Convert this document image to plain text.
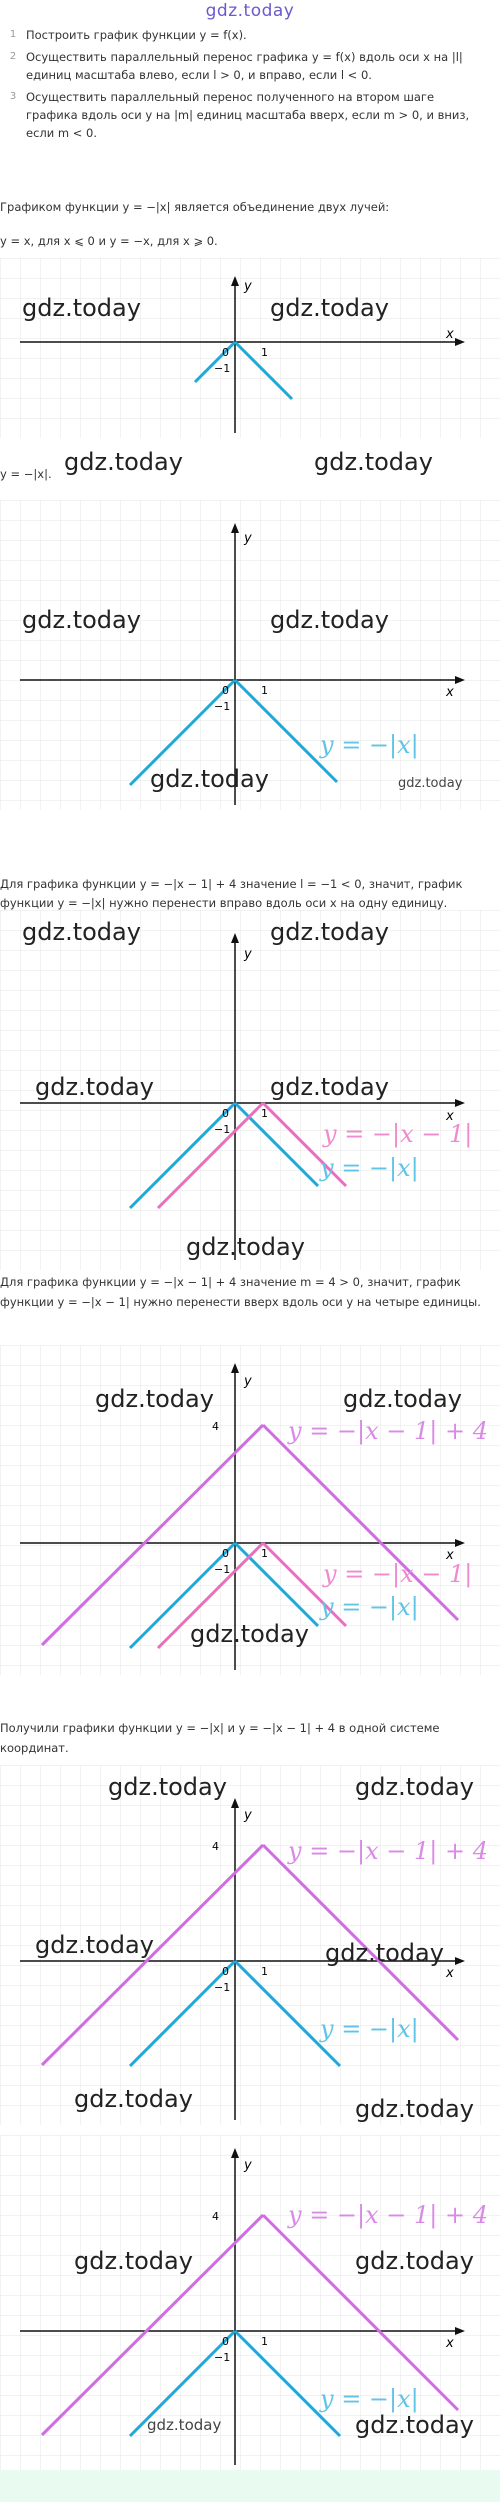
gdz.today
1 Построить график функции y = f(x).
2 Осуществить параллельный перенос графика y = f(x) вдоль оси x на |l| единиц масштаба влево, если l > 0, и вправо, если l < 0.
3 Осуществить параллельный перенос полученного на втором шаге графика вдоль оси y на |m| единиц масштаба вверх, если m > 0, и вниз, если m < 0.
Графиком функции y = −|x| является объединение двух лучей:
y = x, для x ⩽ 0 и y = −x, для x ⩾ 0.
y
x
0	1
−1
gdz.today	gdz.today
y = −|x|. gdz.today	gdz.today
y
x
0	1
−1
y = −|x|
gdz.today	gdz.today
gdz.today	gdz.today
Для графика функции y = −|x − 1| + 4 значение l = −1 < 0, значит, график функции y = −|x| нужно перенести вправо вдоль оси x на одну единицу.
y
x
0	1
−1	y = −|x − 1|
y = −|x|
gdz.today	gdz.today
gdz.today	gdz.today
gdz.today
Для графика функции y = −|x − 1| + 4 значение m = 4 > 0, значит, график функции y = −|x − 1| нужно перенести вверх вдоль оси y на четыре единицы.
y
x
0	1
−1
4	y = −|x − 1| + 4
y = −|x − 1|
y = −|x|
gdz.today	gdz.today
gdz.today
Получили графики функции y = −|x| и y = −|x − 1| + 4 в одной системе координат.
y
x
0	1
−1
4	y = −|x − 1| + 4
y = −|x|
gdz.today	gdz.today
gdz.today	gdz.today
gdz.today	gdz.today
y
x
0	1
−1
4	y = −|x − 1| + 4
y = −|x|
gdz.today	gdz.today
gdz.today	gdz.today
